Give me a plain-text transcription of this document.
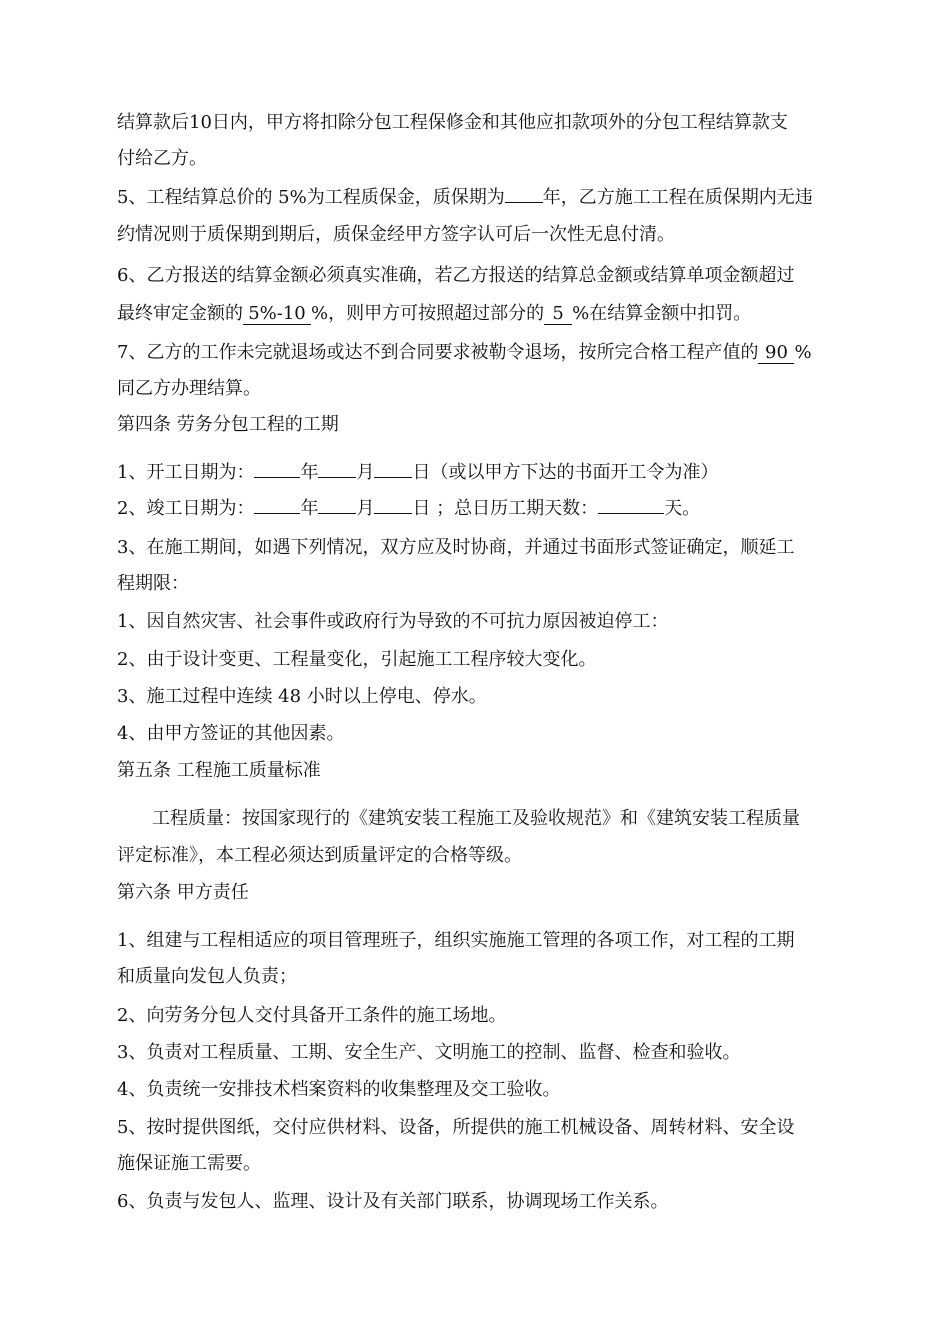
结算款后10日内，甲方将扣除分包工程保修金和其他应扣款项外的分包工程结算款支
付给乙方。
5、工程结算总价的 5%为工程质保金，质保期为 年，乙方施工工程在质保期内无违
约情况则于质保期到期后，质保金经甲方签字认可后一次性无息付清。
6、乙方报送的结算金额必须真实准确，若乙方报送的结算总金额或结算单项金额超过
最终审定金额的 5%-10 %，则甲方可按照超过部分的 5 %在结算金额中扣罚。
7、乙方的工作未完就退场或达不到合同要求被勒令退场，按所完合格工程产值的 90 %
同乙方办理结算。
第四条 劳务分包工程的工期
1、开工日期为：	年 月 日（或以甲方下达的书面开工令为准）
2、竣工日期为：	年 月 日 ；总日历工期天数：	天。
3、在施工期间，如遇下列情况，双方应及时协商，并通过书面形式签证确定，顺延工
程期限：
1、因自然灾害、社会事件或政府行为导致的不可抗力原因被迫停工：
2、由于设计变更、工程量变化，引起施工工程序较大变化。
3、施工过程中连续 48 小时以上停电、停水。
4、由甲方签证的其他因素。
第五条 工程施工质量标准
工程质量：按国家现行的《建筑安装工程施工及验收规范》和《建筑安装工程质量
评定标准》，本工程必须达到质量评定的合格等级。
第六条 甲方责任
1、组建与工程相适应的项目管理班子，组织实施施工管理的各项工作，对工程的工期
和质量向发包人负责；
2、向劳务分包人交付具备开工条件的施工场地。
3、负责对工程质量、工期、安全生产、文明施工的控制、监督、检查和验收。
4、负责统一安排技术档案资料的收集整理及交工验收。
5、按时提供图纸，交付应供材料、设备，所提供的施工机械设备、周转材料、安全设
施保证施工需要。
6、负责与发包人、监理、设计及有关部门联系，协调现场工作关系。
